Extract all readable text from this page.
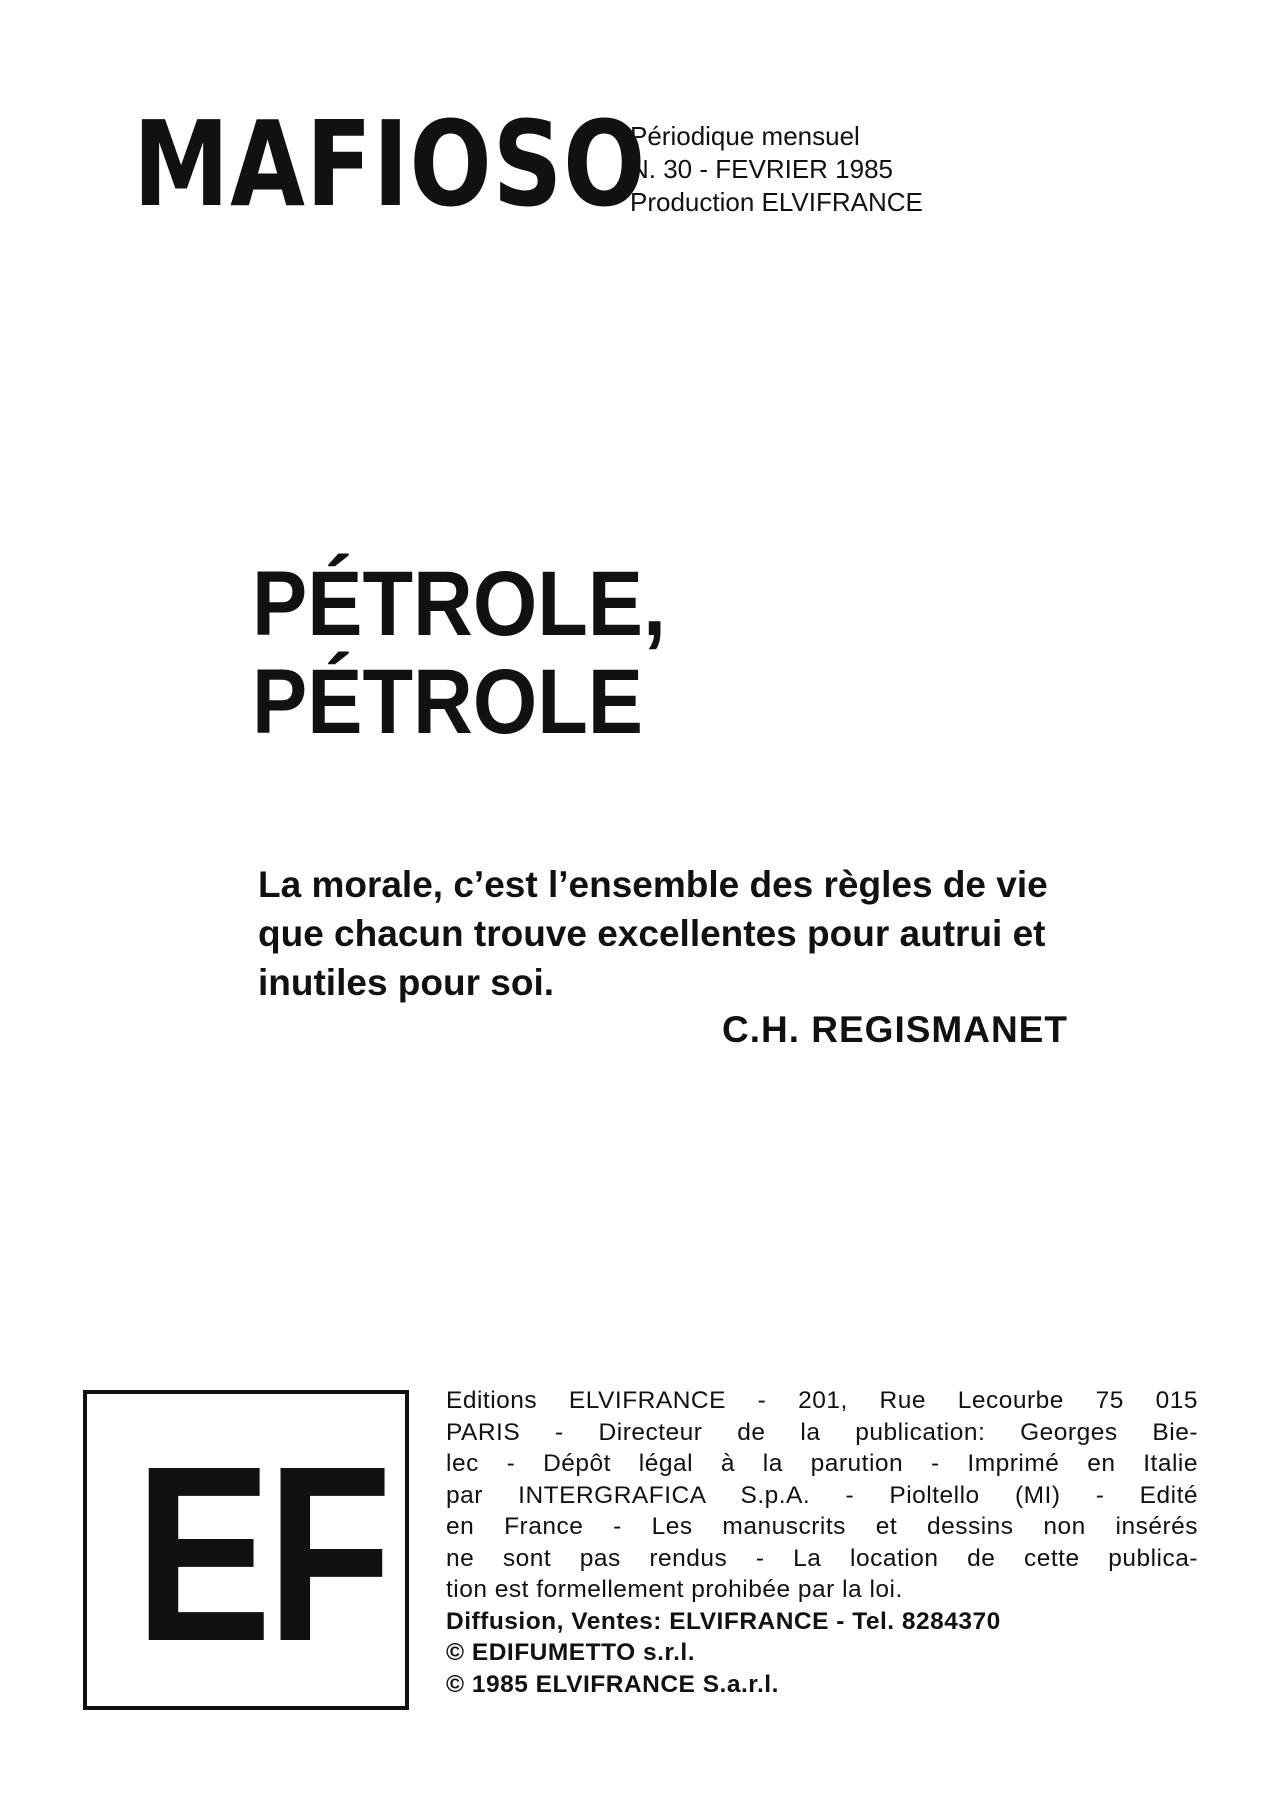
MAFIOSO
Périodique mensuel
N. 30 - FEVRIER 1985
Production ELVIFRANCE
PÉTROLE,
PÉTROLE
La morale, c’est l’ensemble des règles de vie
que chacun trouve excellentes pour autrui et
inutiles pour soi.
C.H. REGISMANET
EF
Editions ELVIFRANCE - 201, Rue Lecourbe 75 015
PARIS - Directeur de la publication: Georges Bie-
lec - Dépôt légal à la parution - Imprimé en Italie
par INTERGRAFICA S.p.A. - Pioltello (MI) - Edité
en France - Les manuscrits et dessins non insérés
ne sont pas rendus - La location de cette publica-
tion est formellement prohibée par la loi.
Diffusion, Ventes: ELVIFRANCE - Tel. 8284370
© EDIFUMETTO s.r.l.
© 1985 ELVIFRANCE S.a.r.l.
